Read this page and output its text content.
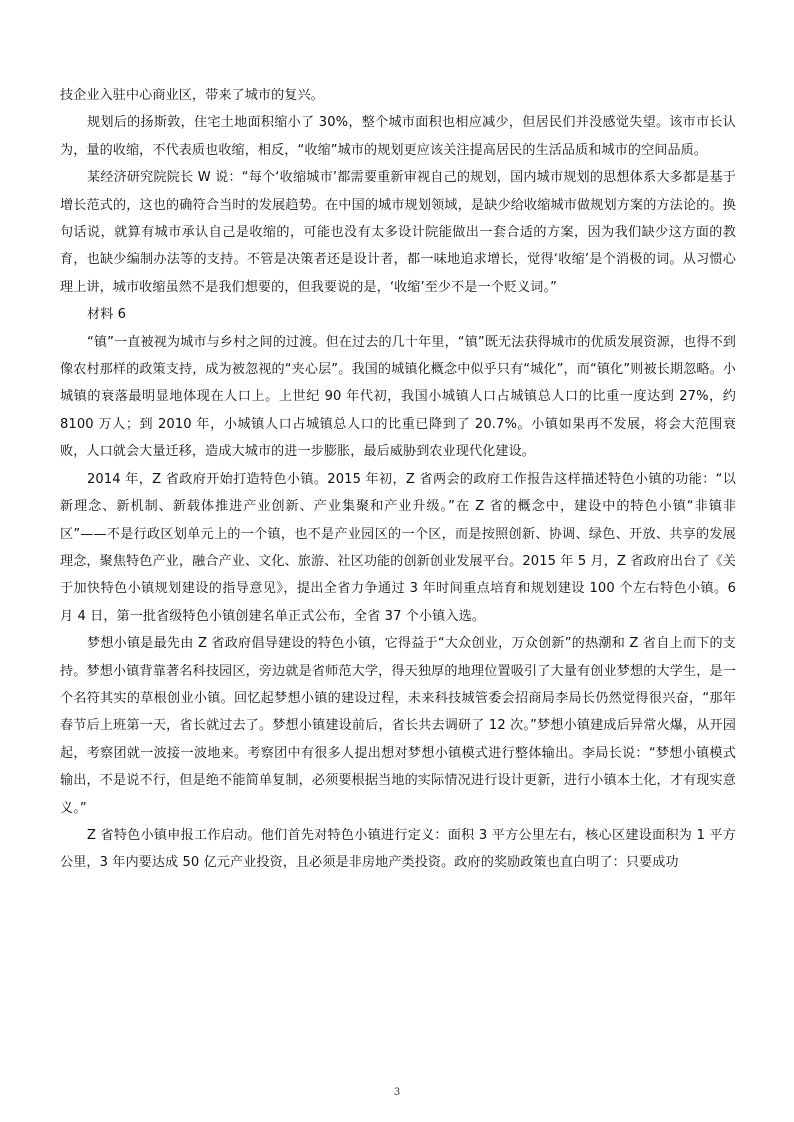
技企业入驻中心商业区，带来了城市的复兴。

规划后的扬斯敦，住宅土地面积缩小了 30%，整个城市面积也相应减少，但居民们并没感觉失望。该市市长认为，量的收缩，不代表质也收缩，相反，“收缩”城市的规划更应该关注提高居民的生活品质和城市的空间品质。

某经济研究院院长 W 说：“每个‘收缩城市’都需要重新审视自己的规划，国内城市规划的思想体系大多都是基于增长范式的，这也的确符合当时的发展趋势。在中国的城市规划领域，是缺少给收缩城市做规划方案的方法论的。换句话说，就算有城市承认自己是收缩的，可能也没有太多设计院能做出一套合适的方案，因为我们缺少这方面的教育，也缺少编制办法等的支持。不管是决策者还是设计者，都一味地追求增长，觉得‘收缩’是个消极的词。从习惯心理上讲，城市收缩虽然不是我们想要的，但我要说的是，‘收缩’至少不是一个贬义词。”

材料 6

“镇”一直被视为城市与乡村之间的过渡。但在过去的几十年里，“镇”既无法获得城市的优质发展资源，也得不到像农村那样的政策支持，成为被忽视的“夹心层”。我国的城镇化概念中似乎只有“城化”，而“镇化”则被长期忽略。小城镇的衰落最明显地体现在人口上。上世纪 90 年代初，我国小城镇人口占城镇总人口的比重一度达到 27%，约 8100 万人；到 2010 年，小城镇人口占城镇总人口的比重已降到了 20.7%。小镇如果再不发展，将会大范围衰败，人口就会大量迁移，造成大城市的进一步膨胀，最后威胁到农业现代化建设。

2014 年，Z 省政府开始打造特色小镇。2015 年初，Z 省两会的政府工作报告这样描述特色小镇的功能：“以新理念、新机制、新载体推进产业创新、产业集聚和产业升级。”在 Z 省的概念中，建设中的特色小镇“非镇非区”——不是行政区划单元上的一个镇，也不是产业园区的一个区，而是按照创新、协调、绿色、开放、共享的发展理念，聚焦特色产业，融合产业、文化、旅游、社区功能的创新创业发展平台。2015 年 5 月，Z 省政府出台了《关于加快特色小镇规划建设的指导意见》，提出全省力争通过 3 年时间重点培育和规划建设 100 个左右特色小镇。6 月 4 日，第一批省级特色小镇创建名单正式公布，全省 37 个小镇入选。

梦想小镇是最先由 Z 省政府倡导建设的特色小镇，它得益于“大众创业，万众创新”的热潮和 Z 省自上而下的支持。梦想小镇背靠著名科技园区，旁边就是省师范大学，得天独厚的地理位置吸引了大量有创业梦想的大学生，是一个名符其实的草根创业小镇。回忆起梦想小镇的建设过程，未来科技城管委会招商局李局长仍然觉得很兴奋，“那年春节后上班第一天，省长就过去了。梦想小镇建设前后，省长共去调研了 12 次。”梦想小镇建成后异常火爆，从开园起，考察团就一波接一波地来。考察团中有很多人提出想对梦想小镇模式进行整体输出。李局长说：“梦想小镇模式输出，不是说不行，但是绝不能简单复制，必须要根据当地的实际情况进行设计更新，进行小镇本土化，才有现实意义。”

Z 省特色小镇申报工作启动。他们首先对特色小镇进行定义：面积 3 平方公里左右，核心区建设面积为 1 平方公里，3 年内要达成 50 亿元产业投资，且必须是非房地产类投资。政府的奖励政策也直白明了：只要成功

3
